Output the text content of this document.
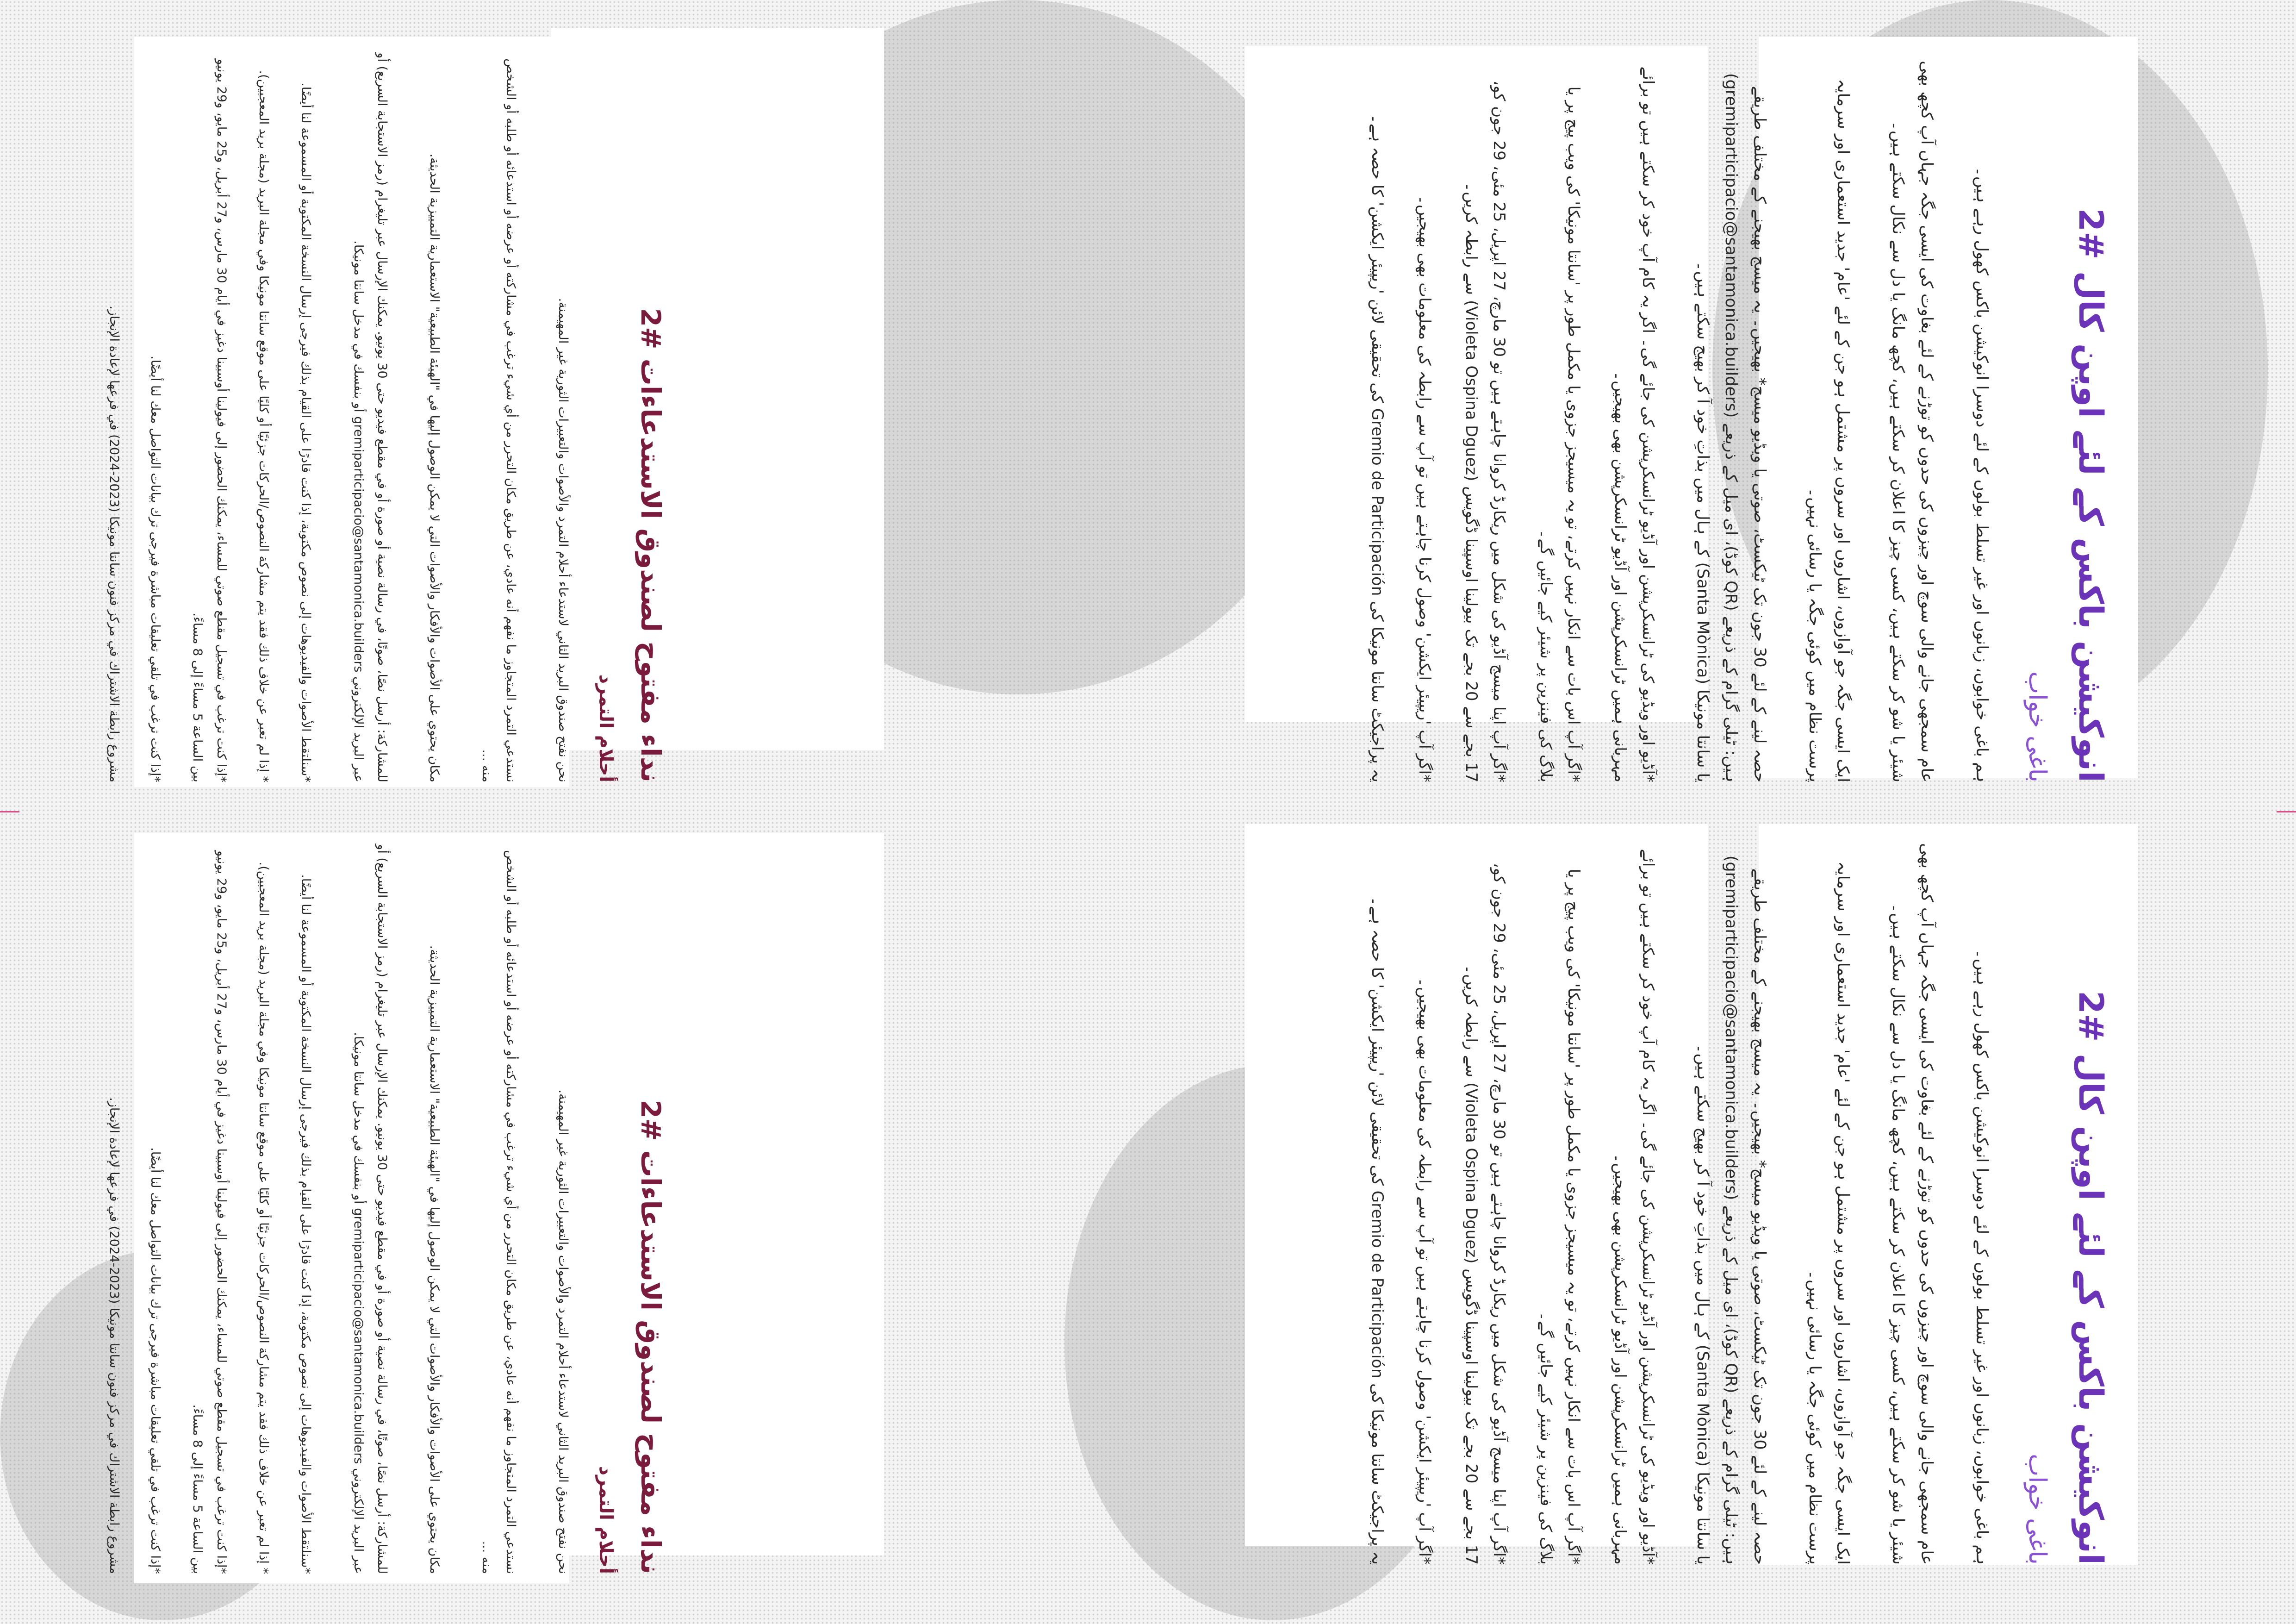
نداء مفتوح لصندوق الاستدعاءات #2
أحلام التمرد

نحن نفتح صندوق البريد الثاني لاستدعاء أحلام التمرد والأصوات والتعبيرات الثورية غير المهيمنة.

نستدعي التمرد المتجاوز ما نفهم أنه عادي، عن طريق مكان التحرر من أي شيء ترغب في مشاركته أو عرضه أو استدعائه أو طلبه أو الشخص منه ...

مكان يحتوي على الأصوات والأفكار والأصوات التي لا يمكن الوصول إليها في "الهيئة الطبيعية" الاستعمارية التمييزية الحديثة.

للمشاركة: أرسل نصًا، صوتًا، في رسالة نصية أو صورة أو في مقطع فيديو حتى 30 يونيو. يمكنك الإرسال عبر تليغرام (رمز الاستجابة السريع) أو عبر البريد الإلكتروني gremiparticipacio@santamonica.builders أو بنفسك في مدخل سانتا مونيكا.

*سنلتقط الأصوات والفيديوهات إلى نصوص مكتوبة، إذا كنت قادرًا على القيام بذلك فيرجى إرسال النسخة المكتوبة أو المسموعة لنا أيضًا.

* إذا لم تعبر عن خلاف ذلك فقد يتم مشاركة النصوص/الحركات جزئيًا أو كليًا على موقع سانتا مونيكا وفي مجلة البريد (مجلة بريد المعجبين).

*إذا كنت ترغب في تسجيل مقطع صوتي للمساء، يمكنك الحضور إلى فيولينا أوسبينا دغيز في أيام 30 مارس، و27 أبريل، و25 مايو، و29 يونيو بين الساعة 5 مساءً إلى 8 مساءً.

*إذا كنت ترغب في تلقي تعليقات مباشرة فيرجى ترك بيانات التواصل معك لنا أيضًا.

مشروع رابطة الاشتراك في مركز فنون سانتا مونيكا (2023-2024) في فرعها لإعادة الإنجاز.

نداء مفتوح لصندوق الاستدعاءات #2
أحلام التمرد

نحن نفتح صندوق البريد الثاني لاستدعاء أحلام التمرد والأصوات والتعبيرات الثورية غير المهيمنة.

نستدعي التمرد المتجاوز ما نفهم أنه عادي، عن طريق مكان التحرر من أي شيء ترغب في مشاركته أو عرضه أو استدعائه أو طلبه أو الشخص منه ...

مكان يحتوي على الأصوات والأفكار والأصوات التي لا يمكن الوصول إليها في "الهيئة الطبيعية" الاستعمارية التمييزية الحديثة.

للمشاركة: أرسل نصًا، صوتًا، في رسالة نصية أو صورة أو في مقطع فيديو حتى 30 يونيو. يمكنك الإرسال عبر تليغرام (رمز الاستجابة السريع) أو عبر البريد الإلكتروني gremiparticipacio@santamonica.builders أو بنفسك في مدخل سانتا مونيكا.

*سنلتقط الأصوات والفيديوهات إلى نصوص مكتوبة، إذا كنت قادرًا على القيام بذلك فيرجى إرسال النسخة المكتوبة أو المسموعة لنا أيضًا.

* إذا لم تعبر عن خلاف ذلك فقد يتم مشاركة النصوص/الحركات جزئيًا أو كليًا على موقع سانتا مونيكا وفي مجلة البريد (مجلة بريد المعجبين).

*إذا كنت ترغب في تسجيل مقطع صوتي للمساء، يمكنك الحضور إلى فيولينا أوسبينا دغيز في أيام 30 مارس، و27 أبريل، و25 مايو، و29 يونيو بين الساعة 5 مساءً إلى 8 مساءً.

*إذا كنت ترغب في تلقي تعليقات مباشرة فيرجى ترك بيانات التواصل معك لنا أيضًا.

مشروع رابطة الاشتراك في مركز فنون سانتا مونيكا (2023-2024) في فرعها لإعادة الإنجاز.

انوکیشن باکس کے لئے اوپن کال #2
باغی خواب

ہم باغی خوابوں، زبانوں اور غیر تسلط بولوں کے لئے دوسرا انوکیشن باکس کھول رہے ہیں۔

عام سمجھی جانے والی سوچ اور چیزوں کی حدوں کو توڑنے کے لئے بغاوت کی ایسی جگہ جہاں آپ کچھ بھی شیئر یا شو کر سکتے ہیں، کسی چیز کا اعلان کر سکتے ہیں، کچھ مانگ یا دل سے نکال سکتے ہیں۔

ایک ایسی جگہ جو آوازوں، اشاروں اور سروں پر مشتمل ہو جن کے لئے 'عام' جدید استعماری اور سرمایہ پرست نظام میں کوئی جگہ یا رسائی نہیں۔

حصہ لینے کے لئے 30 جون تک ٹیکسٹ، صوتی یا ویڈیو میسج* بھیجیں۔ یہ میسج بھیجنے کے مختلف طریقے ہیں: ٹیلی گرام کے ذریعے (QR کوڈ)، ای میل کے ذریعے (gremiparticipacio@santamonica.builders) یا سانتا مونیکا (Santa Mònica) کے ہال میں بذاتِ خود آ کر بھیج سکتے ہیں۔

*آڈیو اور ویڈیو کی ٹرانسکرپشن اور آڈیو ٹرانسکرپشن کی جائے گی۔ اگر یہ کام آپ خود کر سکتے ہیں تو برائے مہربانی ہمیں ٹرانسکرپشن اور آڈیو ٹرانسکرپشن بھی بھیجیں۔

*اگر آپ اس بات سے انکار نہیں کرتے، تو یہ میسیجز جزوی یا مکمل طور پر 'سانتا مونیکا' کی ویب پیج پر یا بلاگ کی فینزین پر شیئر کیے جائیں گے۔

*اگر آپ اپنا میسج آڈیو کی شکل میں ریکارڈ کروانا چاہتے ہیں تو 30 مارچ، 27 اپریل، 25 مئی، 29 جون کو، 17 بجے سے 20 بجے تک بیولینا اوسپینا ڈگویس (Violeta Ospina Dguez) سے رابطہ کریں۔

*اگر آپ 'ریپیئر ایکشن' وصول کرنا چاہتے ہیں تو آپ سے رابطہ کی معلومات بھی بھیجیں۔

یہ پراجیکٹ سانتا مونیکا کی Gremio de Participación کی تحقیقی لائن 'ریپیئر ایکشن' کا حصہ ہے۔

انوکیشن باکس کے لئے اوپن کال #2
باغی خواب

ہم باغی خوابوں، زبانوں اور غیر تسلط بولوں کے لئے دوسرا انوکیشن باکس کھول رہے ہیں۔

عام سمجھی جانے والی سوچ اور چیزوں کی حدوں کو توڑنے کے لئے بغاوت کی ایسی جگہ جہاں آپ کچھ بھی شیئر یا شو کر سکتے ہیں، کسی چیز کا اعلان کر سکتے ہیں، کچھ مانگ یا دل سے نکال سکتے ہیں۔

ایک ایسی جگہ جو آوازوں، اشاروں اور سروں پر مشتمل ہو جن کے لئے 'عام' جدید استعماری اور سرمایہ پرست نظام میں کوئی جگہ یا رسائی نہیں۔

حصہ لینے کے لئے 30 جون تک ٹیکسٹ، صوتی یا ویڈیو میسج* بھیجیں۔ یہ میسج بھیجنے کے مختلف طریقے ہیں: ٹیلی گرام کے ذریعے (QR کوڈ)، ای میل کے ذریعے (gremiparticipacio@santamonica.builders) یا سانتا مونیکا (Santa Mònica) کے ہال میں بذاتِ خود آ کر بھیج سکتے ہیں۔

*آڈیو اور ویڈیو کی ٹرانسکرپشن اور آڈیو ٹرانسکرپشن کی جائے گی۔ اگر یہ کام آپ خود کر سکتے ہیں تو برائے مہربانی ہمیں ٹرانسکرپشن اور آڈیو ٹرانسکرپشن بھی بھیجیں۔

*اگر آپ اس بات سے انکار نہیں کرتے، تو یہ میسیجز جزوی یا مکمل طور پر 'سانتا مونیکا' کی ویب پیج پر یا بلاگ کی فینزین پر شیئر کیے جائیں گے۔

*اگر آپ اپنا میسج آڈیو کی شکل میں ریکارڈ کروانا چاہتے ہیں تو 30 مارچ، 27 اپریل، 25 مئی، 29 جون کو، 17 بجے سے 20 بجے تک بیولینا اوسپینا ڈگویس (Violeta Ospina Dguez) سے رابطہ کریں۔

*اگر آپ 'ریپیئر ایکشن' وصول کرنا چاہتے ہیں تو آپ سے رابطہ کی معلومات بھی بھیجیں۔

یہ پراجیکٹ سانتا مونیکا کی Gremio de Participación کی تحقیقی لائن 'ریپیئر ایکشن' کا حصہ ہے۔
